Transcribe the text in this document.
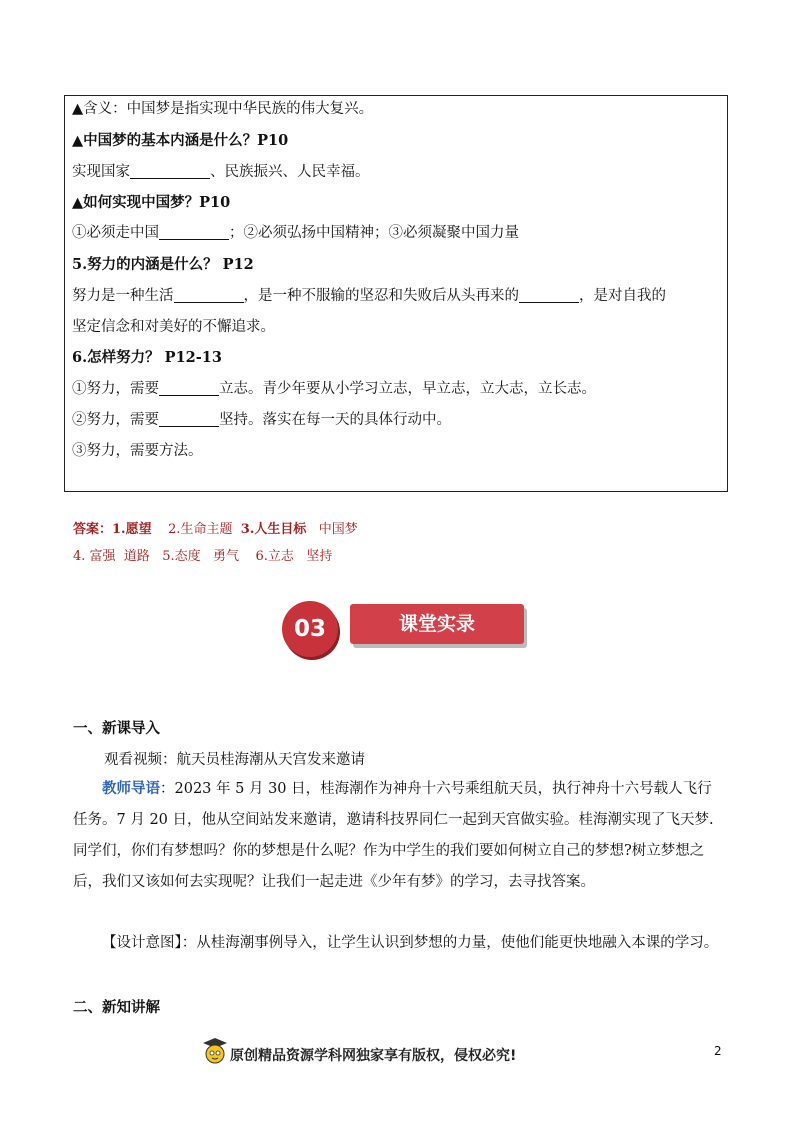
▲含义：中国梦是指实现中华民族的伟大复兴。
▲中国梦的基本内涵是什么？P10
实现国家	、民族振兴、人民幸福。
▲如何实现中国梦？P10
①必须走中国	；②必须弘扬中国精神；③必须凝聚中国力量
5.努力的内涵是什么？ P12
努力是一种生活	，是一种不服输的坚忍和失败后从头再来的	，是对自我的
坚定信念和对美好的不懈追求。
6.怎样努力？ P12-13
①努力，需要	立志。青少年要从小学习立志，早立志，立大志，立长志。
②努力，需要	坚持。落实在每一天的具体行动中。
③努力，需要方法。
答案：1.愿望 2.生命主题 3.人生目标 中国梦
4. 富强  道路   5.态度   勇气    6.立志   坚持
03	课堂实录
一、新课导入
观看视频：航天员桂海潮从天宫发来邀请
教师导语：2023 年 5 月 30 日，桂海潮作为神舟十六号乘组航天员，执行神舟十六号载人飞行任务。7 月 20 日，他从空间站发来邀请，邀请科技界同仁一起到天宫做实验。桂海潮实现了飞天梦.同学们，你们有梦想吗？你的梦想是什么呢？作为中学生的我们要如何树立自己的梦想?树立梦想之后，我们又该如何去实现呢？让我们一起走进《少年有梦》的学习，去寻找答案。
【设计意图】：从桂海潮事例导入，让学生认识到梦想的力量，使他们能更快地融入本课的学习。
二、新知讲解
原创精品资源学科网独家享有版权，侵权必究!	2
